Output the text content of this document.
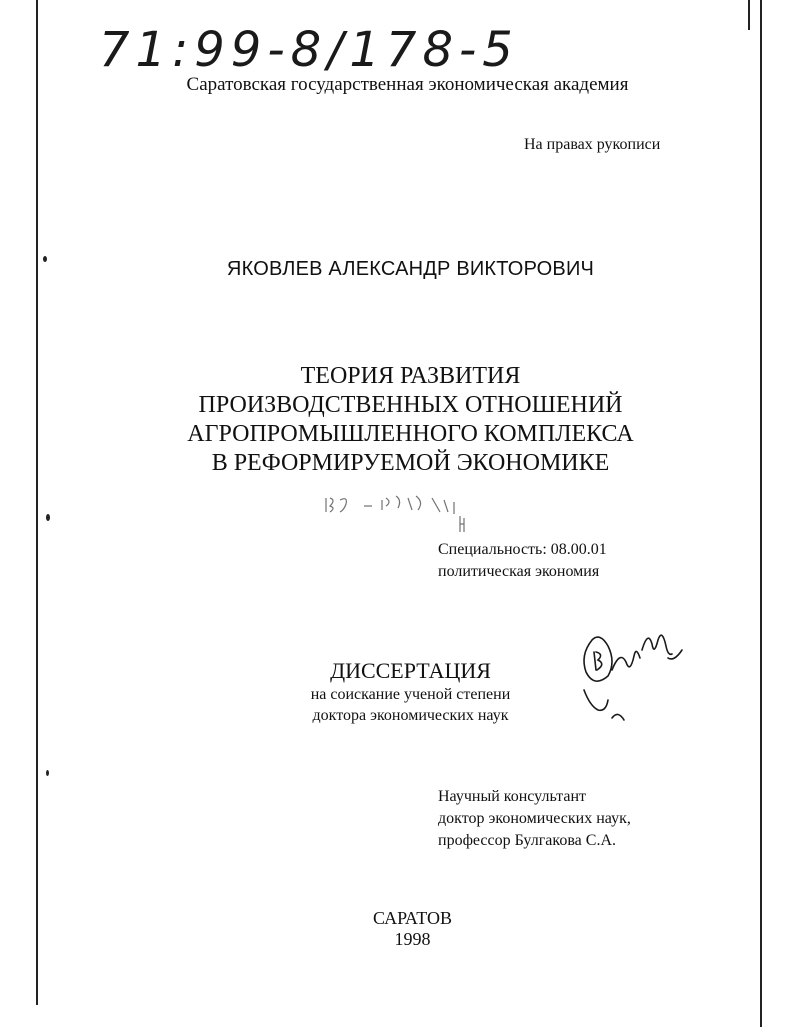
71:99-8/178-5
Саратовская государственная экономическая академия
На правах рукописи
ЯКОВЛЕВ АЛЕКСАНДР ВИКТОРОВИЧ
ТЕОРИЯ РАЗВИТИЯ
ПРОИЗВОДСТВЕННЫХ ОТНОШЕНИЙ
АГРОПРОМЫШЛЕННОГО КОМПЛЕКСА
В РЕФОРМИРУЕМОЙ ЭКОНОМИКЕ
Специальность: 08.00.01
политическая экономия
ДИССЕРТАЦИЯ
на соискание ученой степени
доктора экономических наук
Научный консультант
доктор экономических наук,
профессор Булгакова С.А.
САРАТОВ
1998
